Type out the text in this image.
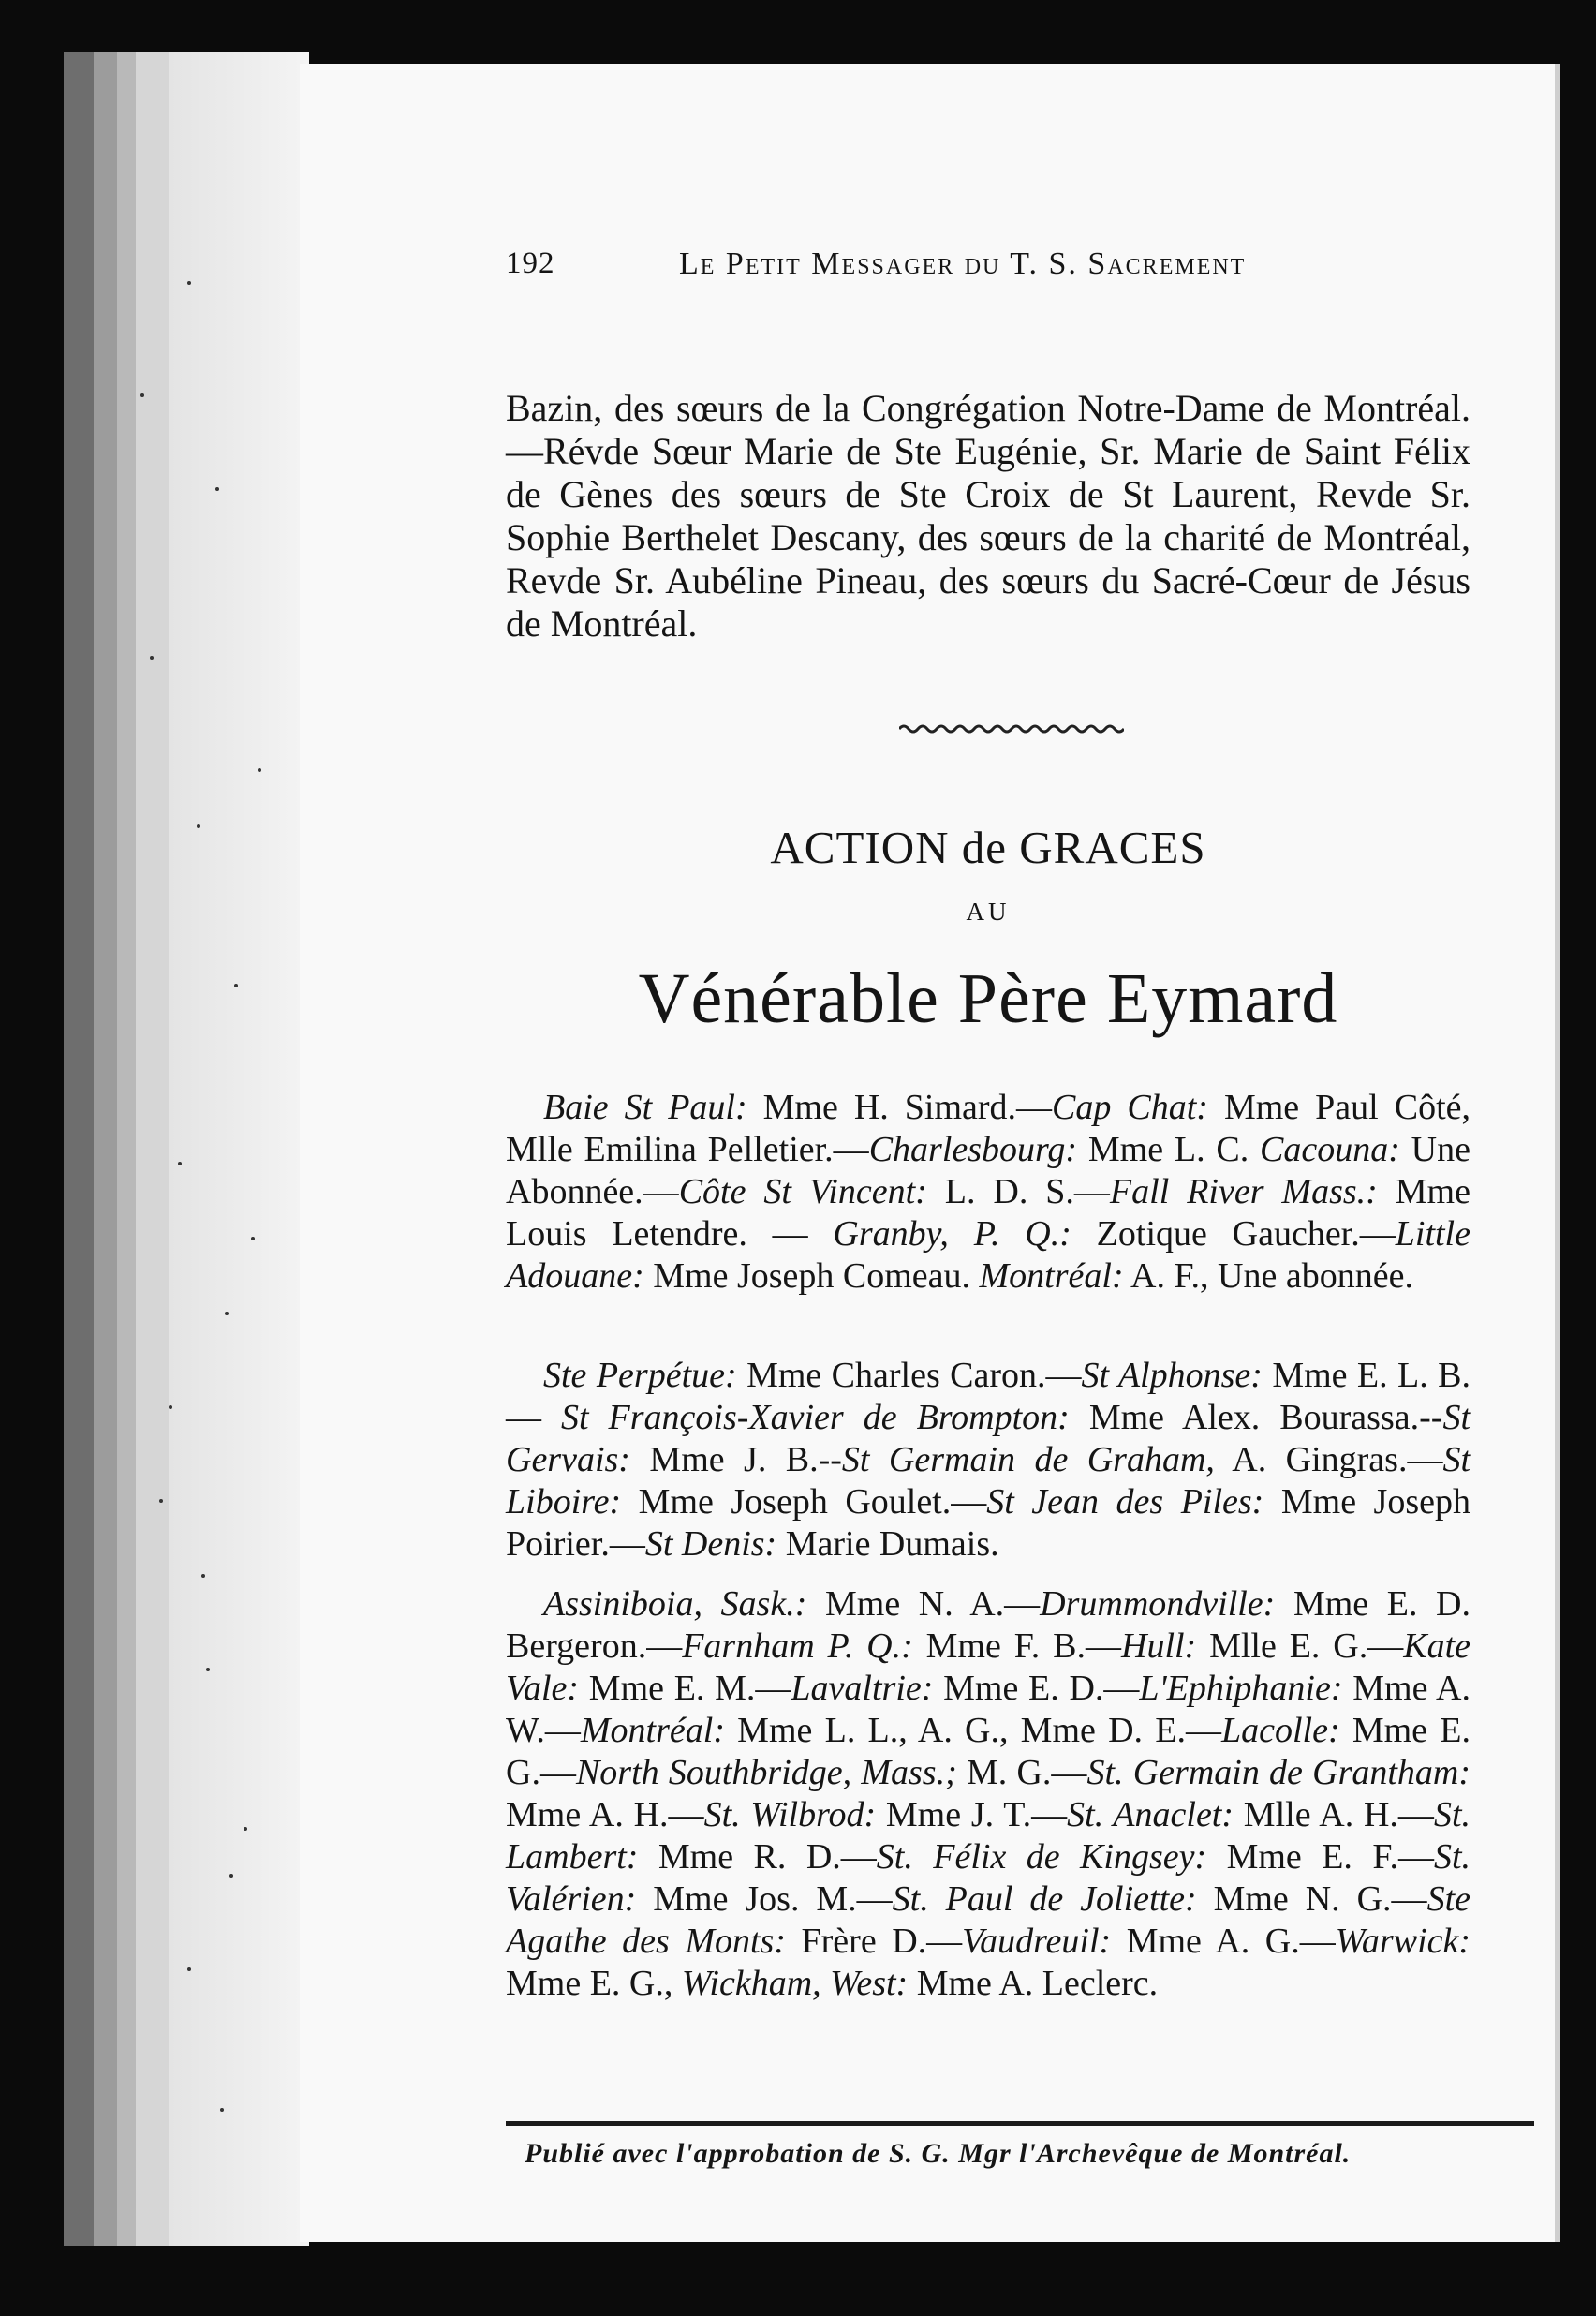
192	Le Petit Messager du T. S. Sacrement
Bazin, des sœurs de la Congrégation Notre-Dame de Montréal.—Révde Sœur Marie de Ste Eugénie, Sr. Marie de Saint Félix de Gènes des sœurs de Ste Croix de St Laurent, Revde Sr. Sophie Berthelet Descany, des sœurs de la charité de Montréal, Revde Sr. Aubéline Pineau, des sœurs du Sacré-Cœur de Jésus de Montréal.
ACTION de GRACES
AU
Vénérable Père Eymard
Baie St Paul: Mme H. Simard.—Cap Chat: Mme Paul Côté, Mlle Emilina Pelletier.—Charlesbourg: Mme L. C. Cacouna: Une Abonnée.—Côte St Vincent: L. D. S.—Fall River Mass.: Mme Louis Letendre. — Granby, P. Q.: Zotique Gaucher.—Little Adouane: Mme Joseph Comeau. Montréal: A. F., Une abonnée.
Ste Perpétue: Mme Charles Caron.—St Alphonse: Mme E. L. B. — St François-Xavier de Brompton: Mme Alex. Bourassa.--St Gervais: Mme J. B.--St Germain de Graham, A. Gingras.—St Liboire: Mme Joseph Goulet.—St Jean des Piles: Mme Joseph Poirier.—St Denis: Marie Dumais.
Assiniboia, Sask.: Mme N. A.—Drummondville: Mme E. D. Bergeron.—Farnham P. Q.: Mme F. B.—Hull: Mlle E. G.—Kate Vale: Mme E. M.—Lavaltrie: Mme E. D.—L'Ephiphanie: Mme A. W.—Montréal: Mme L. L., A. G., Mme D. E.—Lacolle: Mme E. G.—North Southbridge, Mass.; M. G.—St. Germain de Grantham: Mme A. H.—St. Wilbrod: Mme J. T.—St. Anaclet: Mlle A. H.—St. Lambert: Mme R. D.—St. Félix de Kingsey: Mme E. F.—St. Valérien: Mme Jos. M.—St. Paul de Joliette: Mme N. G.—Ste Agathe des Monts: Frère D.—Vaudreuil: Mme A. G.—Warwick: Mme E. G., Wickham, West: Mme A. Leclerc.
Publié avec l'approbation de S. G. Mgr l'Archevêque de Montréal.
